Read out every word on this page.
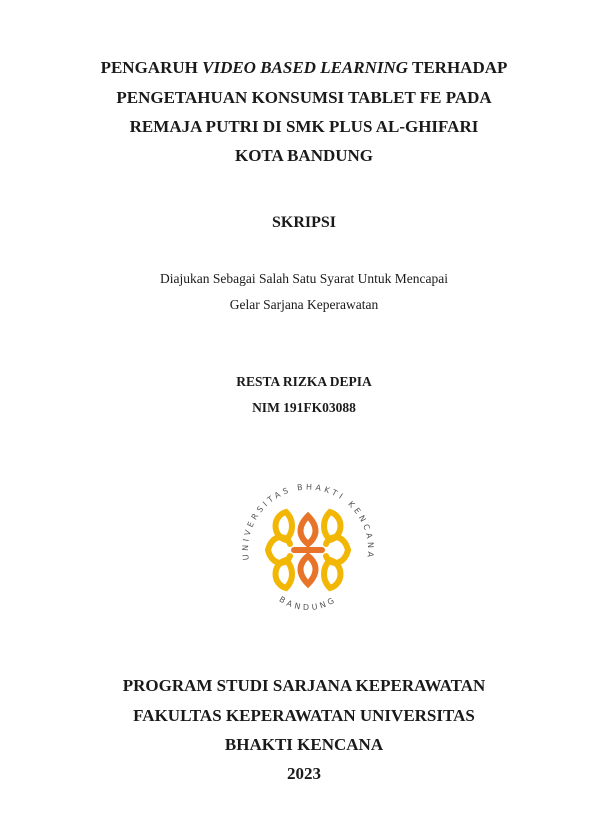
PENGARUH VIDEO BASED LEARNING TERHADAP
PENGETAHUAN KONSUMSI TABLET FE PADA
REMAJA PUTRI DI SMK PLUS AL-GHIFARI
KOTA BANDUNG
SKRIPSI
Diajukan Sebagai Salah Satu Syarat Untuk Mencapai
Gelar Sarjana Keperawatan
RESTA RIZKA DEPIA
NIM 191FK03088
UNIVERSITAS BHAKTI KENCANA
BANDUNG
PROGRAM STUDI SARJANA KEPERAWATAN
FAKULTAS KEPERAWATAN UNIVERSITAS
BHAKTI KENCANA
2023
